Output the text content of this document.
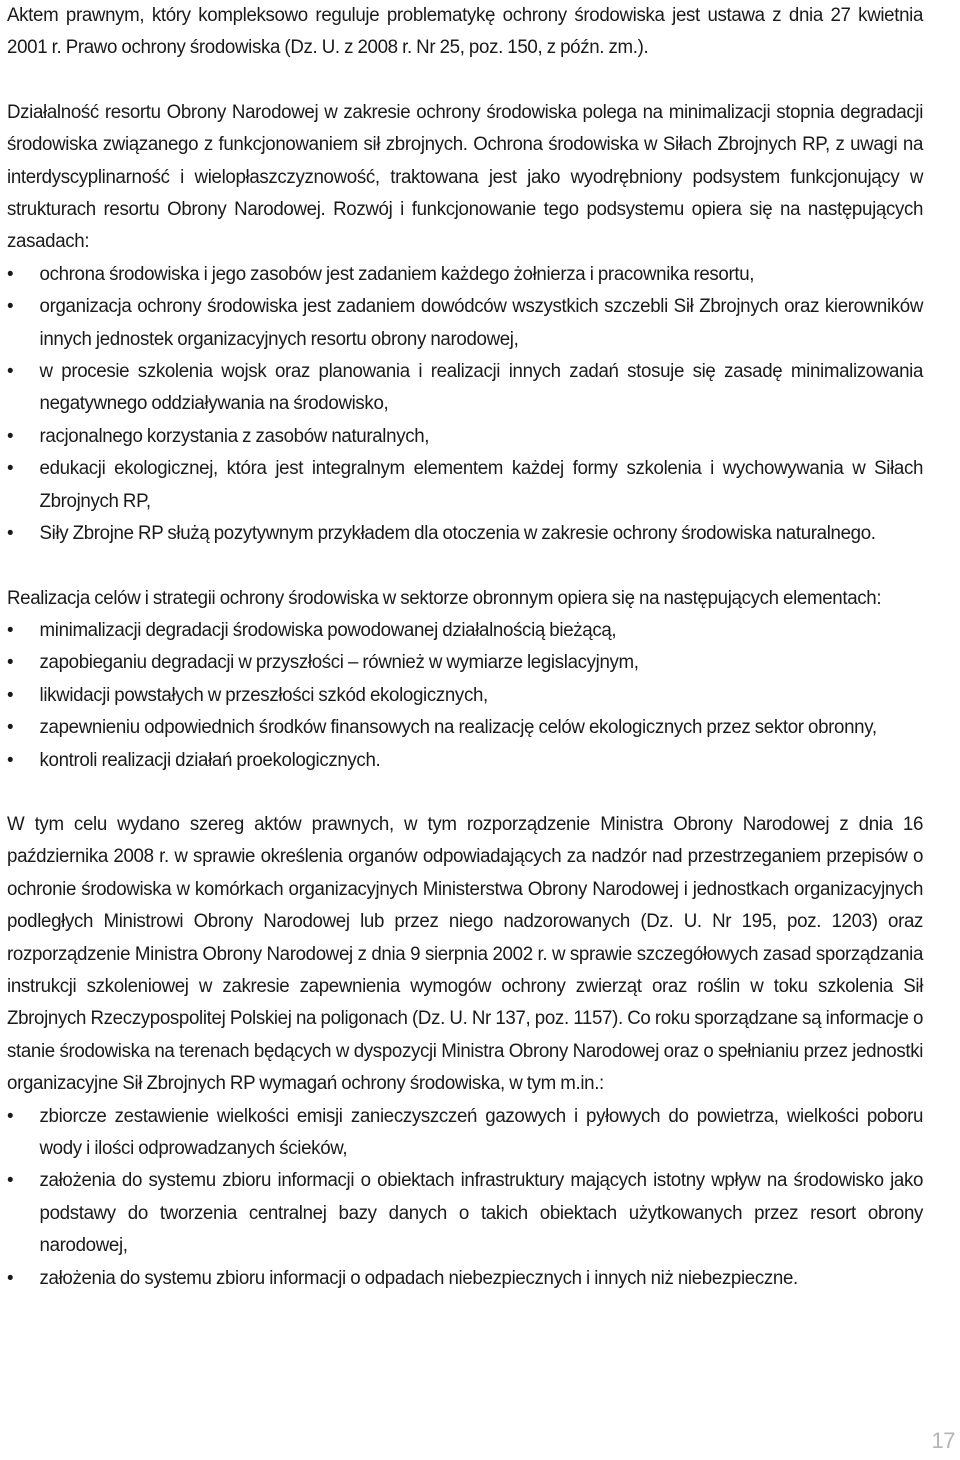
Aktem prawnym, który kompleksowo reguluje problematykę ochrony środowiska jest ustawa z dnia 27 kwietnia 2001 r. Prawo ochrony środowiska (Dz. U. z 2008 r. Nr 25, poz. 150, z późn. zm.).

Działalność resortu Obrony Narodowej w zakresie ochrony środowiska polega na minimalizacji stopnia degradacji środowiska związanego z funkcjonowaniem sił zbrojnych. Ochrona środowiska w Siłach Zbrojnych RP, z uwagi na interdyscyplinarność i wielopłaszczyznowość, traktowana jest jako wyodrębniony podsystem funkcjonujący w strukturach resortu Obrony Narodowej. Rozwój i funkcjonowanie tego podsystemu opiera się na następujących zasadach:

• ochrona środowiska i jego zasobów jest zadaniem każdego żołnierza i pracownika resortu,
• organizacja ochrony środowiska jest zadaniem dowódców wszystkich szczebli Sił Zbrojnych oraz kierowników innych jednostek organizacyjnych resortu obrony narodowej,
• w procesie szkolenia wojsk oraz planowania i realizacji innych zadań stosuje się zasadę minimalizowania negatywnego oddziaływania na środowisko,
• racjonalnego korzystania z zasobów naturalnych,
• edukacji ekologicznej, która jest integralnym elementem każdej formy szkolenia i wychowywania w Siłach Zbrojnych RP,
• Siły Zbrojne RP służą pozytywnym przykładem dla otoczenia w zakresie ochrony środowiska naturalnego.

Realizacja celów i strategii ochrony środowiska w sektorze obronnym opiera się na następujących elementach:

• minimalizacji degradacji środowiska powodowanej działalnością bieżącą,
• zapobieganiu degradacji w przyszłości – również w wymiarze legislacyjnym,
• likwidacji powstałych w przeszłości szkód ekologicznych,
• zapewnieniu odpowiednich środków finansowych na realizację celów ekologicznych przez sektor obronny,
• kontroli realizacji działań proekologicznych.

W tym celu wydano szereg aktów prawnych, w tym rozporządzenie Ministra Obrony Narodowej z dnia 16 października 2008 r. w sprawie określenia organów odpowiadających za nadzór nad przestrzeganiem przepisów o ochronie środowiska w komórkach organizacyjnych Ministerstwa Obrony Narodowej i jednostkach organizacyjnych podległych Ministrowi Obrony Narodowej lub przez niego nadzorowanych (Dz. U. Nr 195, poz. 1203) oraz rozporządzenie Ministra Obrony Narodowej z dnia 9 sierpnia 2002 r. w sprawie szczegółowych zasad sporządzania instrukcji szkoleniowej w zakresie zapewnienia wymogów ochrony zwierząt oraz roślin w toku szkolenia Sił Zbrojnych Rzeczypospolitej Polskiej na poligonach (Dz. U. Nr 137, poz. 1157). Co roku sporządzane są informacje o stanie środowiska na terenach będących w dyspozycji Ministra Obrony Narodowej oraz o spełnianiu przez jednostki organizacyjne Sił Zbrojnych RP wymagań ochrony środowiska, w tym m.in.:

• zbiorcze zestawienie wielkości emisji zanieczyszczeń gazowych i pyłowych do powietrza, wielkości poboru wody i ilości odprowadzanych ścieków,
• założenia do systemu zbioru informacji o obiektach infrastruktury mających istotny wpływ na środowisko jako podstawy do tworzenia centralnej bazy danych o takich obiektach użytkowanych przez resort obrony narodowej,
• założenia do systemu zbioru informacji o odpadach niebezpiecznych i innych niż niebezpieczne.
17
